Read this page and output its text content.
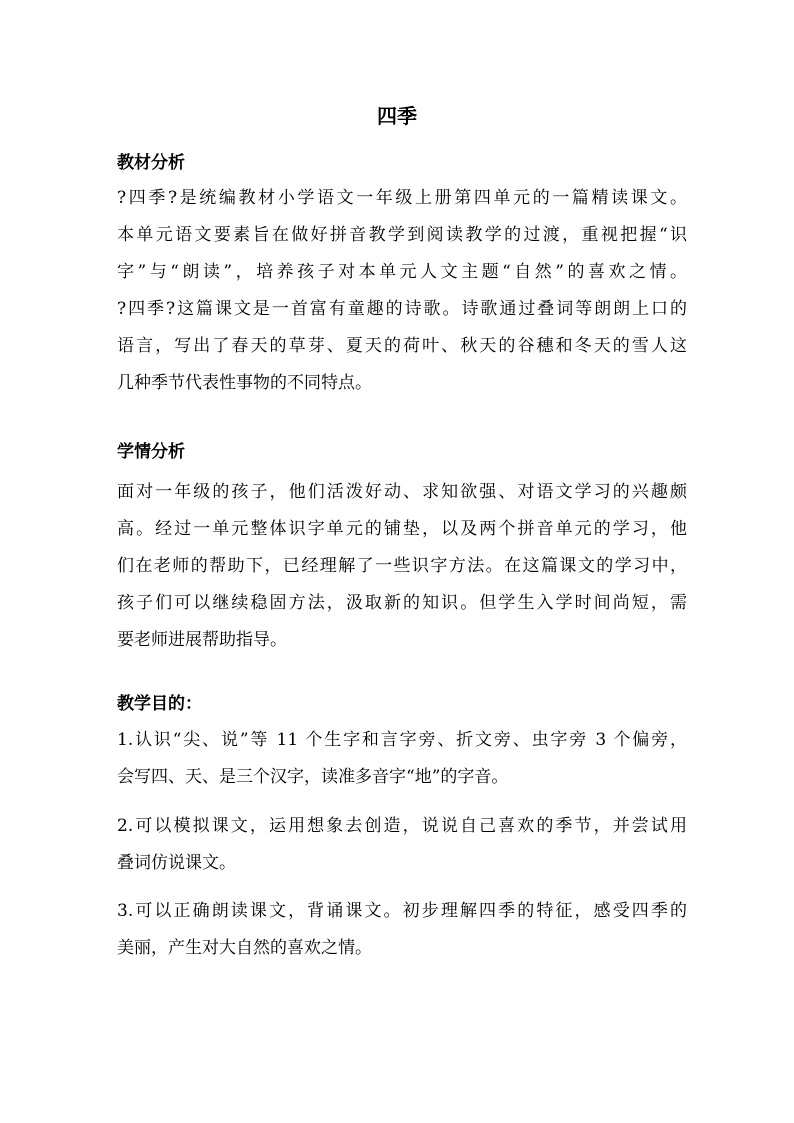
四季
教材分析
?四季?是统编教材小学语文一年级上册第四单元的一篇精读课文。
本单元语文要素旨在做好拼音教学到阅读教学的过渡，重视把握“识
字”与“朗读”，培养孩子对本单元人文主题“自然”的喜欢之情。
?四季?这篇课文是一首富有童趣的诗歌。诗歌通过叠词等朗朗上口的
语言，写出了春天的草芽、夏天的荷叶、秋天的谷穗和冬天的雪人这
几种季节代表性事物的不同特点。
学情分析
面对一年级的孩子，他们活泼好动、求知欲强、对语文学习的兴趣颇
高。经过一单元整体识字单元的铺垫，以及两个拼音单元的学习，他
们在老师的帮助下，已经理解了一些识字方法。在这篇课文的学习中，
孩子们可以继续稳固方法，汲取新的知识。但学生入学时间尚短，需
要老师进展帮助指导。
教学目的：
1.认识“尖、说”等 11 个生字和言字旁、折文旁、虫字旁 3 个偏旁，
会写四、天、是三个汉字，读准多音字“地”的字音。
2.可以模拟课文，运用想象去创造，说说自己喜欢的季节，并尝试用
叠词仿说课文。
3.可以正确朗读课文，背诵课文。初步理解四季的特征，感受四季的
美丽，产生对大自然的喜欢之情。
